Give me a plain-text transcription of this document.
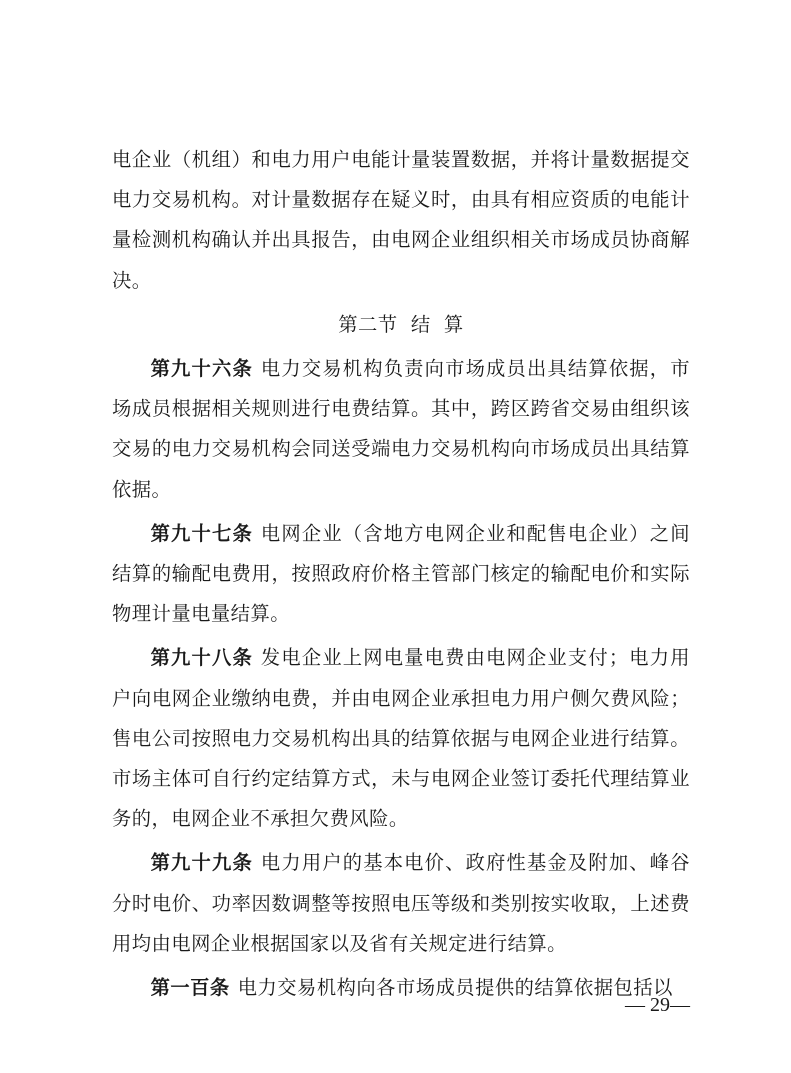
电企业（机组）和电力用户电能计量装置数据，并将计量数据提交电力交易机构。对计量数据存在疑义时，由具有相应资质的电能计量检测机构确认并出具报告，由电网企业组织相关市场成员协商解决。

第二节  结  算

第九十六条 电力交易机构负责向市场成员出具结算依据，市场成员根据相关规则进行电费结算。其中，跨区跨省交易由组织该交易的电力交易机构会同送受端电力交易机构向市场成员出具结算依据。

第九十七条 电网企业（含地方电网企业和配售电企业）之间结算的输配电费用，按照政府价格主管部门核定的输配电价和实际物理计量电量结算。

第九十八条 发电企业上网电量电费由电网企业支付；电力用户向电网企业缴纳电费，并由电网企业承担电力用户侧欠费风险；售电公司按照电力交易机构出具的结算依据与电网企业进行结算。市场主体可自行约定结算方式，未与电网企业签订委托代理结算业务的，电网企业不承担欠费风险。

第九十九条 电力用户的基本电价、政府性基金及附加、峰谷分时电价、功率因数调整等按照电压等级和类别按实收取，上述费用均由电网企业根据国家以及省有关规定进行结算。

第一百条 电力交易机构向各市场成员提供的结算依据包括以

— 29—
